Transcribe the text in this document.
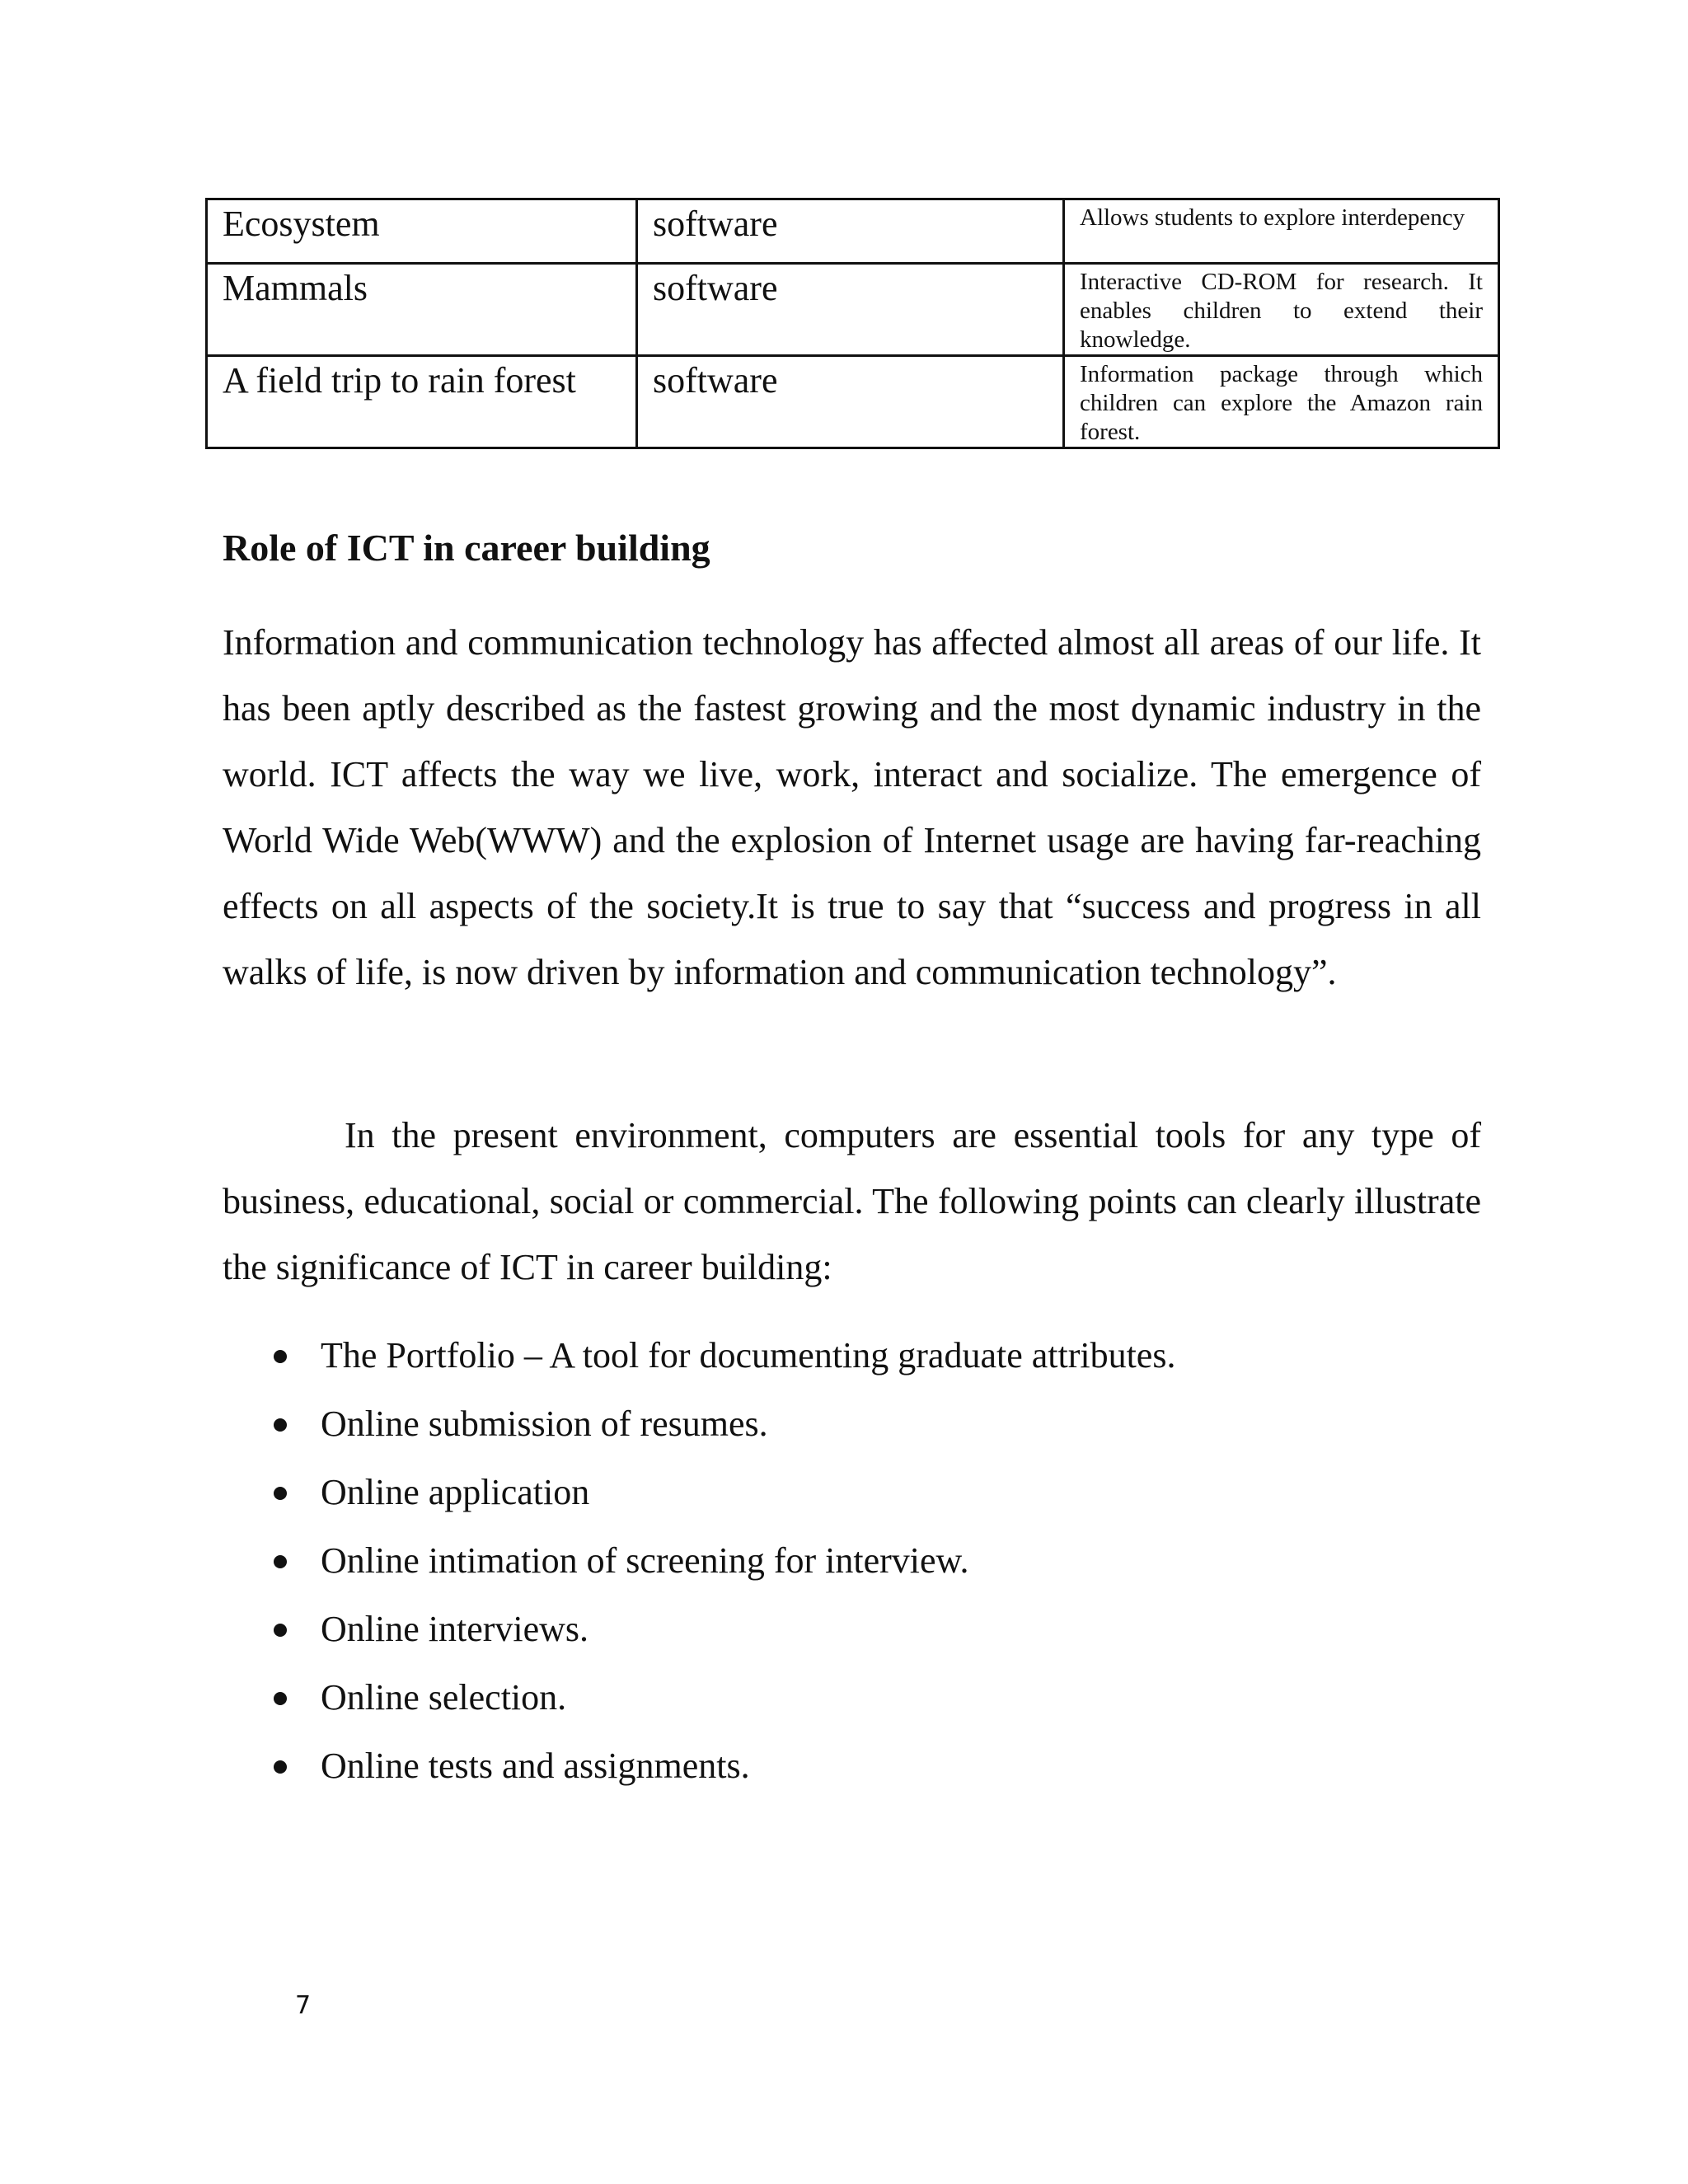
Ecosystem	software	Allows students to explore interdepency
Mammals	software	Interactive CD-ROM for research. It enables children to extend their knowledge.
A field trip to rain forest	software	Information package through which children can explore the Amazon rain forest.
Role of ICT in career building

Information and communication technology has affected almost all areas of our life. It has been aptly described as the fastest growing and the most dynamic industry in the world. ICT affects the way we live, work, interact and socialize. The emergence of World Wide Web(WWW) and the explosion of Internet usage are having far-reaching effects on all aspects of the society.It is true to say that “success and progress in all walks of life, is now driven by information and communication technology”.

In the present environment, computers are essential tools for any type of business, educational, social or commercial. The following points can clearly illustrate the significance of ICT in career building:

The Portfolio – A tool for documenting graduate attributes.
Online submission of resumes.
Online application
Online intimation of screening for interview.
Online interviews.
Online selection.
Online tests and assignments.
7
